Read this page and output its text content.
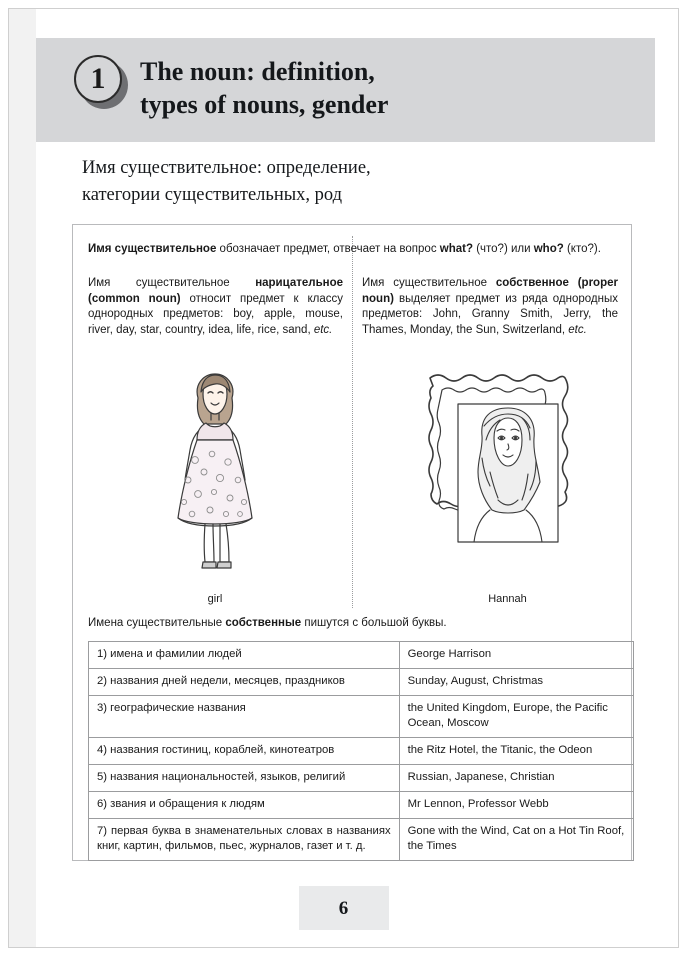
1	The noun: definition,
types of nouns, gender
Имя существительное: определение,
категории существительных, род
Имя существительное обозначает предмет, отвечает на вопрос what? (что?) или who? (кто?).
Имя существительное нарицательное (common noun) относит предмет к классу однородных предметов: boy, apple, mouse, river, day, star, country, idea, life, rice, sand, etc.
Имя существительное собственное (proper noun) выделяет предмет из ряда однородных предметов: John, Granny Smith, Jerry, the Thames, Monday, the Sun, Switzerland, etc.
girl	Hannah
Имена существительные собственные пишутся с большой буквы.
1) имена и фамилии людей	George Harrison
2) названия дней недели, месяцев, праздников	Sunday, August, Christmas
3) географические названия	the United Kingdom, Europe, the Pacific Ocean, Moscow
4) названия гостиниц, кораблей, кинотеатров	the Ritz Hotel, the Titanic, the Odeon
5) названия национальностей, языков, религий	Russian, Japanese, Christian
6) звания и обращения к людям	Mr Lennon, Professor Webb
7) первая буква в знаменательных словах в названиях книг, картин, фильмов, пьес, журналов, газет и т. д.	Gone with the Wind, Cat on a Hot Tin Roof, the Times
6
